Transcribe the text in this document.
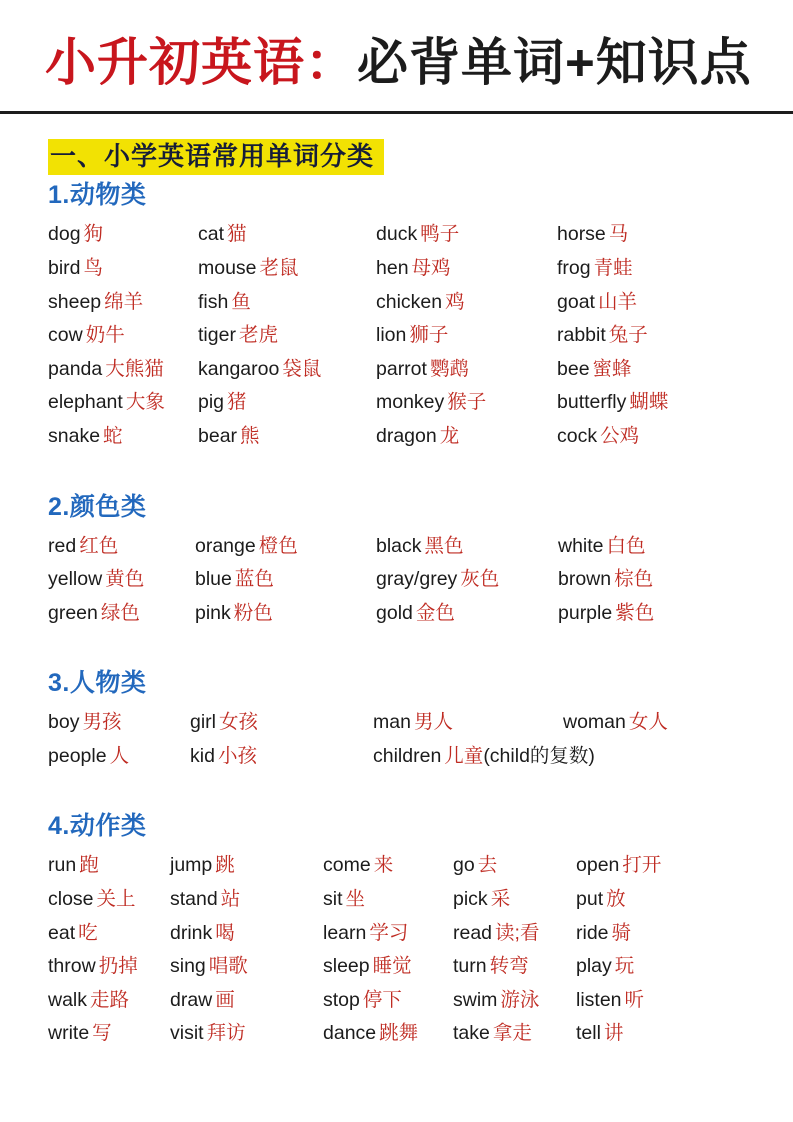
小升初英语：必背单词+知识点
一、小学英语常用单词分类
1.动物类
dog 狗	cat 猫	duck 鸭子	horse 马
bird 鸟	mouse 老鼠	hen 母鸡	frog 青蛙
sheep 绵羊	fish 鱼	chicken 鸡	goat 山羊
cow 奶牛	tiger 老虎	lion 狮子	rabbit 兔子
panda 大熊猫	kangaroo 袋鼠	parrot 鹦鹉	bee 蜜蜂
elephant 大象	pig 猪	monkey 猴子	butterfly 蝴蝶
snake 蛇	bear 熊	dragon 龙	cock 公鸡
2.颜色类
red 红色	orange 橙色	black 黑色	white 白色
yellow 黄色	blue 蓝色	gray/grey 灰色	brown 棕色
green 绿色	pink 粉色	gold 金色	purple 紫色
3.人物类
boy 男孩	girl 女孩	man 男人	woman 女人
people 人	kid 小孩	children 儿童(child的复数)
4.动作类
run 跑	jump 跳	come 来	go 去	open 打开
close 关上	stand 站	sit 坐	pick 采	put 放
eat 吃	drink 喝	learn 学习	read 读;看	ride 骑
throw 扔掉	sing 唱歌	sleep 睡觉	turn 转弯	play 玩
walk 走路	draw 画	stop 停下	swim 游泳	listen 听
write 写	visit 拜访	dance 跳舞	take 拿走	tell 讲
